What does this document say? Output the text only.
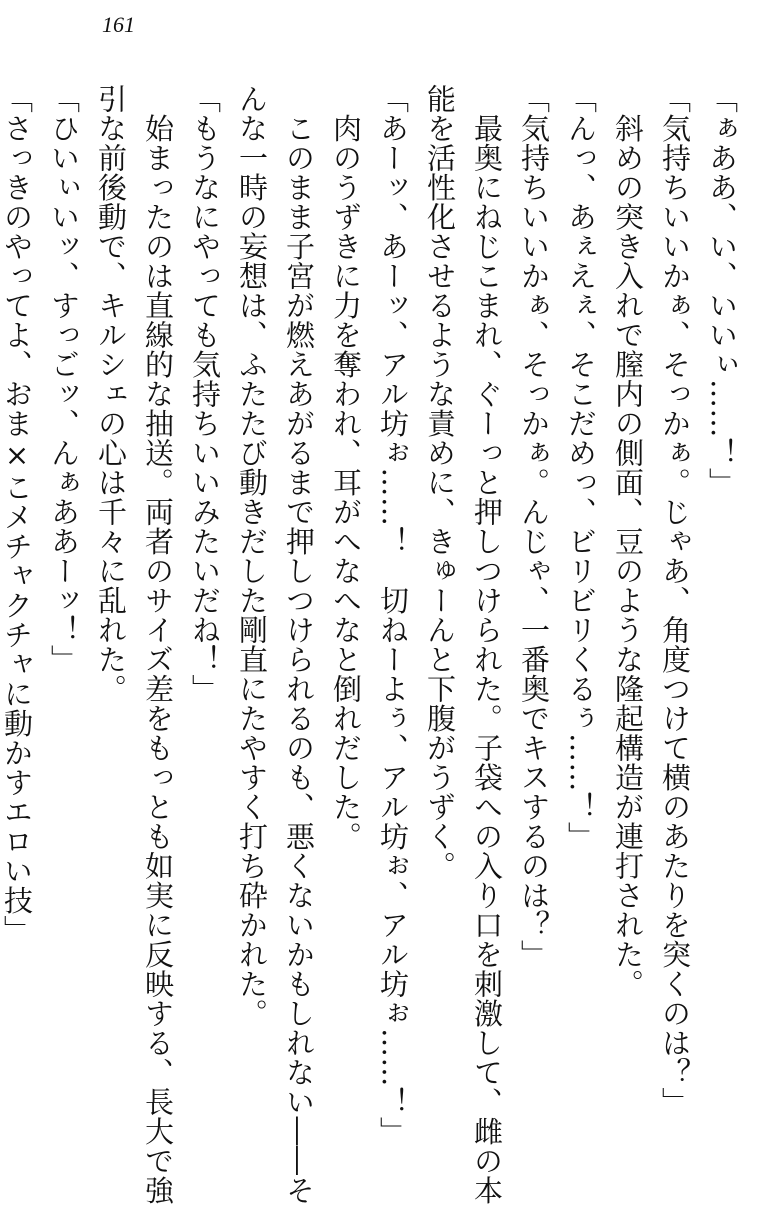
161

「ぁああ、い、いいぃ……！」

「気持ちいいかぁ、そっかぁ。じゃあ、角度つけて横のあたりを突くのは？」

　斜めの突き入れで膣内の側面、豆のような隆起構造が連打された。

「んっ、あぇえぇ、そこだめっ、ビリビリくるぅ……！」

「気持ちいいかぁ、そっかぁ。んじゃ、一番奥でキスするのは？」

　最奥にねじこまれ、ぐーっと押しつけられた。子袋への入り口を刺激して、雌の本

能を活性化させるような責めに、きゅーんと下腹がうずく。

「あーッ、あーッ、アル坊ぉ……！　切ねーよぅ、アル坊ぉ、アル坊ぉ……！」

　肉のうずきに力を奪われ、耳がへなへなと倒れだした。

　このまま子宮が燃えあがるまで押しつけられるのも、悪くないかもしれない――そ

んな一時の妄想は、ふたたび動きだした剛直にたやすく打ち砕かれた。

「もうなにやっても気持ちいいみたいだね！」

　始まったのは直線的な抽送。両者のサイズ差をもっとも如実に反映する、長大で強

引な前後動で、キルシェの心は千々に乱れた。

「ひいぃいッ、すっごッ、んぁああーッ！」

「さっきのやってよ、おま×こメチャクチャに動かすエロい技」
